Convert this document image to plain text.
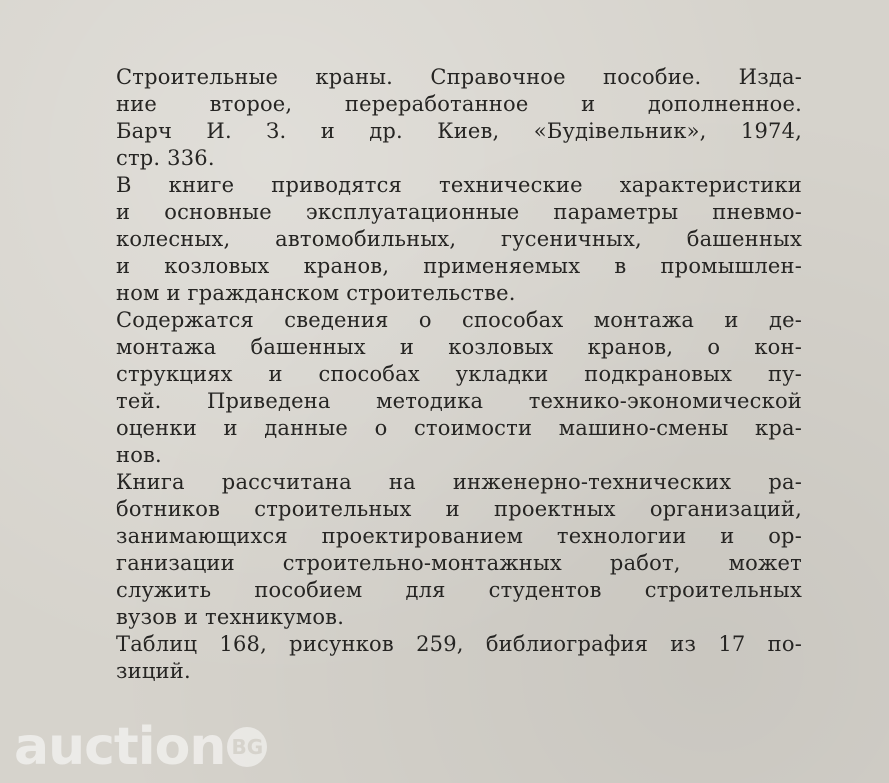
Строительные краны. Справочное пособие. Изда-
ние второе, переработанное и дополненное.
Барч И. З. и др. Киев, «Будівельник», 1974,
стр. 336.

В книге приводятся технические характеристики
и основные эксплуатационные параметры пневмо-
колесных, автомобильных, гусеничных, башенных
и козловых кранов, применяемых в промышлен-
ном и гражданском строительстве.

Содержатся сведения о способах монтажа и де-
монтажа башенных и козловых кранов, о кон-
струкциях и способах укладки подкрановых пу-
тей. Приведена методика технико-экономической
оценки и данные о стоимости машино-смены кра-
нов.

Книга рассчитана на инженерно-технических ра-
ботников строительных и проектных организаций,
занимающихся проектированием технологии и ор-
ганизации строительно-монтажных работ, может
служить пособием для студентов строительных
вузов и техникумов.

Таблиц 168, рисунков 259, библиография из 17 по-
зиций.

auction BG
